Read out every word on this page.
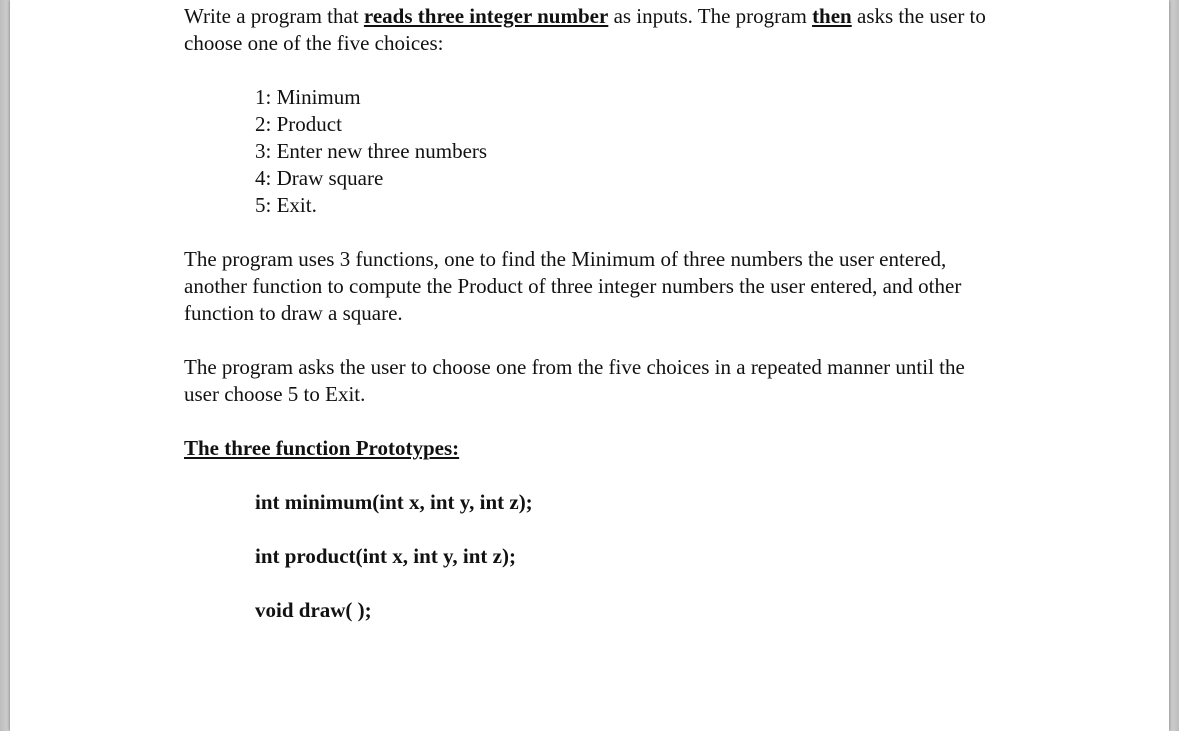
Write a program that reads three integer number as inputs. The program then asks the user to choose one of the five choices:

1: Minimum
2: Product
3: Enter new three numbers
4: Draw square
5: Exit.

The program uses 3 functions, one to find the Minimum of three numbers the user entered, another function to compute the Product of three integer numbers the user entered, and other function to draw a square.

The program asks the user to choose one from the five choices in a repeated manner until the user choose 5 to Exit.

The three function Prototypes:

int minimum(int x, int y, int z);

int product(int x, int y, int z);

void draw( );
